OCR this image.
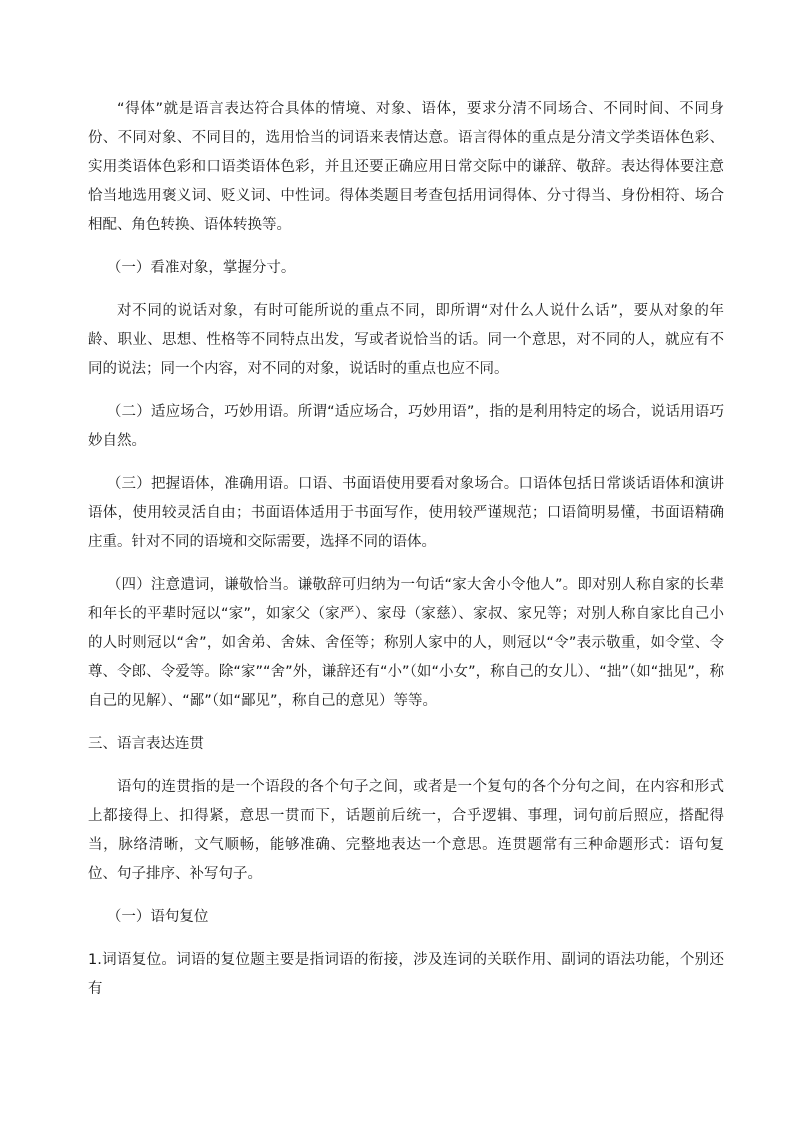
“得体”就是语言表达符合具体的情境、对象、语体，要求分清不同场合、不同时间、不同身份、不同对象、不同目的，选用恰当的词语来表情达意。语言得体的重点是分清文学类语体色彩、实用类语体色彩和口语类语体色彩，并且还要正确应用日常交际中的谦辞、敬辞。表达得体要注意恰当地选用褒义词、贬义词、中性词。得体类题目考查包括用词得体、分寸得当、身份相符、场合相配、角色转换、语体转换等。

（一）看准对象，掌握分寸。

对不同的说话对象，有时可能所说的重点不同，即所谓“对什么人说什么话”，要从对象的年龄、职业、思想、性格等不同特点出发，写或者说恰当的话。同一个意思，对不同的人，就应有不同的说法；同一个内容，对不同的对象，说话时的重点也应不同。

（二）适应场合，巧妙用语。所谓“适应场合，巧妙用语”，指的是利用特定的场合，说话用语巧妙自然。

（三）把握语体，准确用语。口语、书面语使用要看对象场合。口语体包括日常谈话语体和演讲语体，使用较灵活自由；书面语体适用于书面写作，使用较严谨规范；口语简明易懂，书面语精确庄重。针对不同的语境和交际需要，选择不同的语体。

（四）注意遣词，谦敬恰当。谦敬辞可归纳为一句话“家大舍小令他人”。即对别人称自家的长辈和年长的平辈时冠以“家”，如家父（家严）、家母（家慈）、家叔、家兄等；对别人称自家比自己小的人时则冠以“舍”，如舍弟、舍妹、舍侄等；称别人家中的人，则冠以“令”表示敬重，如令堂、令尊、令郎、令爱等。除“家”“舍”外，谦辞还有“小”（如“小女”，称自己的女儿）、“拙”（如“拙见”，称自己的见解）、“鄙”（如“鄙见”，称自己的意见）等等。

三、语言表达连贯

语句的连贯指的是一个语段的各个句子之间，或者是一个复句的各个分句之间，在内容和形式上都接得上、扣得紧，意思一贯而下，话题前后统一，合乎逻辑、事理，词句前后照应，搭配得当，脉络清晰，文气顺畅，能够准确、完整地表达一个意思。连贯题常有三种命题形式：语句复位、句子排序、补写句子。

（一）语句复位

1.词语复位。词语的复位题主要是指词语的衔接，涉及连词的关联作用、副词的语法功能，个别还有
